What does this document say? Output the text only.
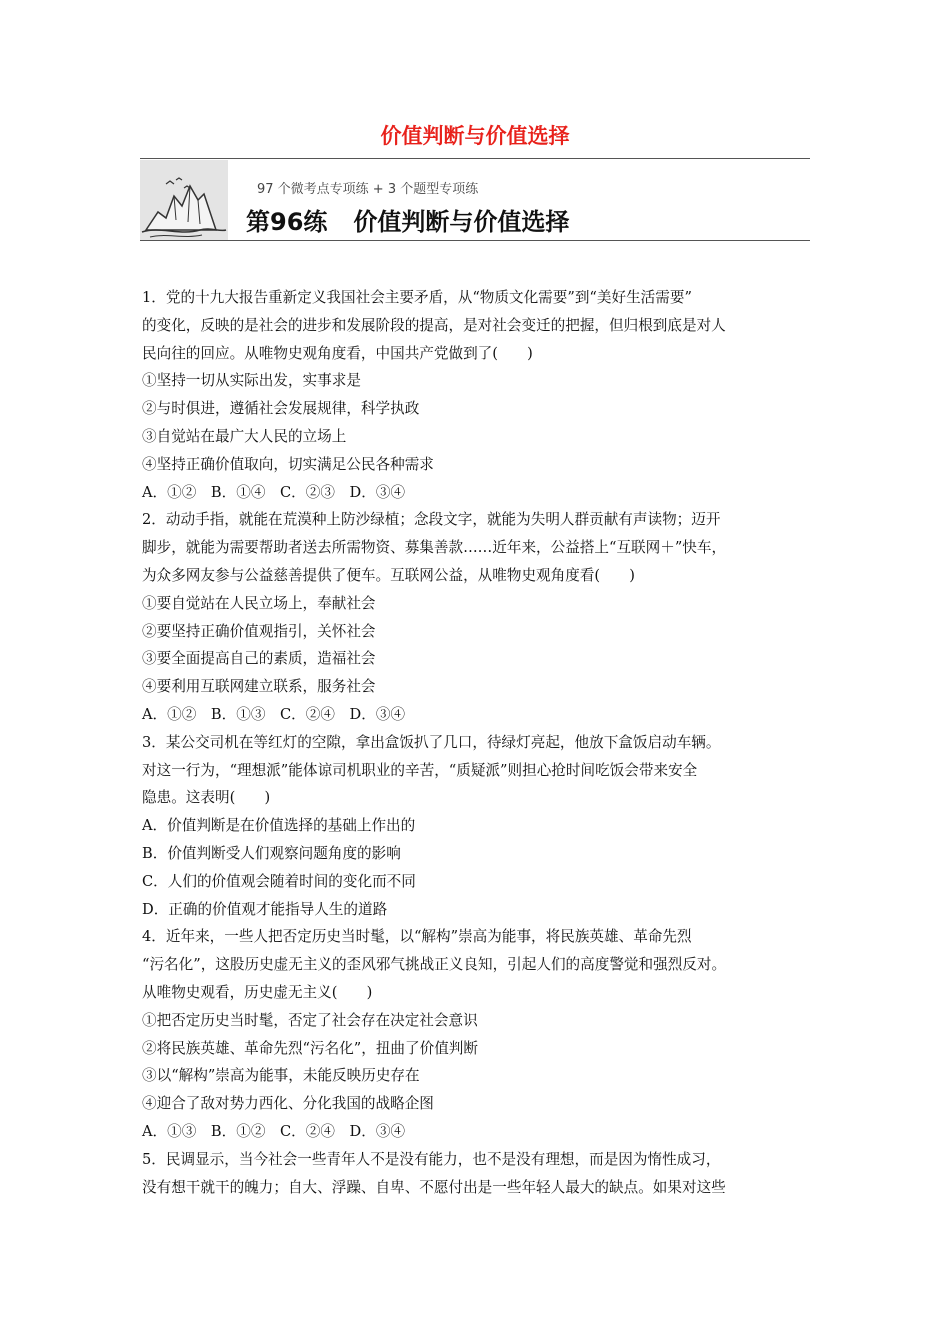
价值判断与价值选择
97 个微考点专项练 + 3 个题型专项练
第96练 价值判断与价值选择
1．党的十九大报告重新定义我国社会主要矛盾，从“物质文化需要”到“美好生活需要”
的变化，反映的是社会的进步和发展阶段的提高，是对社会变迁的把握，但归根到底是对人
民向往的回应。从唯物史观角度看，中国共产党做到了(　　)
①坚持一切从实际出发，实事求是
②与时俱进，遵循社会发展规律，科学执政
③自觉站在最广大人民的立场上
④坚持正确价值取向，切实满足公民各种需求
A．①②　B．①④　C．②③　D．③④
2．动动手指，就能在荒漠种上防沙绿植；念段文字，就能为失明人群贡献有声读物；迈开
脚步，就能为需要帮助者送去所需物资、募集善款……近年来，公益搭上“互联网＋”快车，
为众多网友参与公益慈善提供了便车。互联网公益，从唯物史观角度看(　　)
①要自觉站在人民立场上，奉献社会
②要坚持正确价值观指引，关怀社会
③要全面提高自己的素质，造福社会
④要利用互联网建立联系，服务社会
A．①②　B．①③　C．②④　D．③④
3．某公交司机在等红灯的空隙，拿出盒饭扒了几口，待绿灯亮起，他放下盒饭启动车辆。
对这一行为，“理想派”能体谅司机职业的辛苦，“质疑派”则担心抢时间吃饭会带来安全
隐患。这表明(　　)
A．价值判断是在价值选择的基础上作出的
B．价值判断受人们观察问题角度的影响
C．人们的价值观会随着时间的变化而不同
D．正确的价值观才能指导人生的道路
4．近年来，一些人把否定历史当时髦，以“解构”崇高为能事，将民族英雄、革命先烈
“污名化”，这股历史虚无主义的歪风邪气挑战正义良知，引起人们的高度警觉和强烈反对。
从唯物史观看，历史虚无主义(　　)
①把否定历史当时髦，否定了社会存在决定社会意识
②将民族英雄、革命先烈“污名化”，扭曲了价值判断
③以“解构”崇高为能事，未能反映历史存在
④迎合了敌对势力西化、分化我国的战略企图
A．①③　B．①②　C．②④　D．③④
5．民调显示，当今社会一些青年人不是没有能力，也不是没有理想，而是因为惰性成习，
没有想干就干的魄力；自大、浮躁、自卑、不愿付出是一些年轻人最大的缺点。如果对这些
